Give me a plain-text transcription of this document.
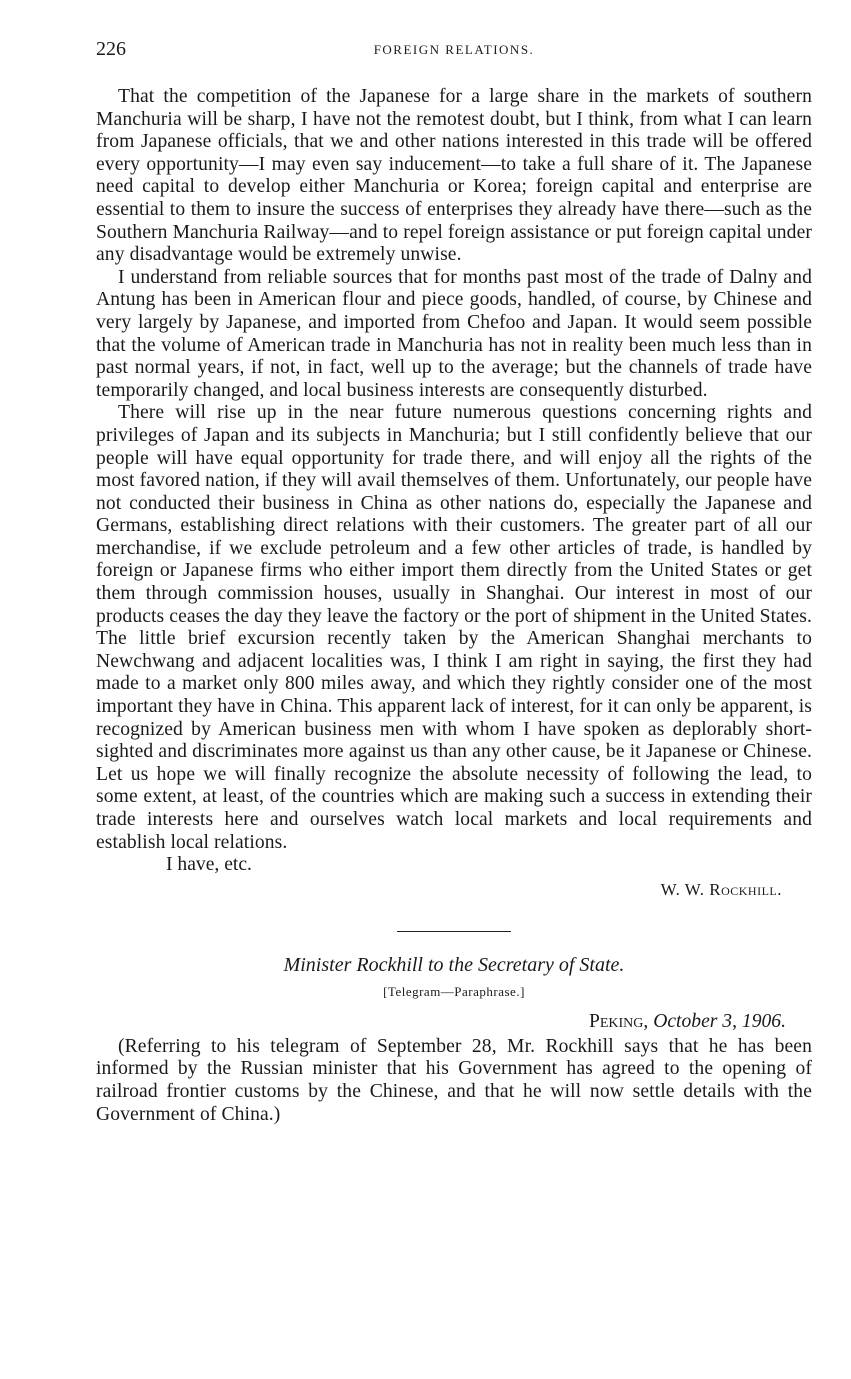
226	FOREIGN RELATIONS.

That the competition of the Japanese for a large share in the markets of southern Manchuria will be sharp, I have not the remotest doubt, but I think, from what I can learn from Japanese officials, that we and other nations interested in this trade will be offered every opportunity—I may even say inducement—to take a full share of it. The Japanese need capital to develop either Manchuria or Korea; foreign capital and enterprise are essential to them to insure the success of enterprises they already have there—such as the Southern Manchuria Railway—and to repel foreign assistance or put foreign capital under any disadvantage would be extremely unwise.

I understand from reliable sources that for months past most of the trade of Dalny and Antung has been in American flour and piece goods, handled, of course, by Chinese and very largely by Japanese, and imported from Chefoo and Japan. It would seem possible that the volume of American trade in Manchuria has not in reality been much less than in past normal years, if not, in fact, well up to the average; but the channels of trade have temporarily changed, and local business interests are consequently disturbed.

There will rise up in the near future numerous questions concerning rights and privileges of Japan and its subjects in Manchuria; but I still confidently believe that our people will have equal opportunity for trade there, and will enjoy all the rights of the most favored nation, if they will avail themselves of them. Unfortunately, our people have not conducted their business in China as other nations do, especially the Japanese and Germans, establishing direct relations with their customers. The greater part of all our merchandise, if we exclude petroleum and a few other articles of trade, is handled by foreign or Japanese firms who either import them directly from the United States or get them through commission houses, usually in Shanghai. Our interest in most of our products ceases the day they leave the factory or the port of shipment in the United States. The little brief excursion recently taken by the American Shanghai merchants to Newchwang and adjacent localities was, I think I am right in saying, the first they had made to a market only 800 miles away, and which they rightly consider one of the most important they have in China. This apparent lack of interest, for it can only be apparent, is recognized by American business men with whom I have spoken as deplorably short-sighted and discriminates more against us than any other cause, be it Japanese or Chinese. Let us hope we will finally recognize the absolute necessity of following the lead, to some extent, at least, of the countries which are making such a success in extending their trade interests here and ourselves watch local markets and local requirements and establish local relations.

I have, etc.

W. W. Rockhill.

Minister Rockhill to the Secretary of State.

[Telegram—Paraphrase.]

Peking, October 3, 1906.

(Referring to his telegram of September 28, Mr. Rockhill says that he has been informed by the Russian minister that his Government has agreed to the opening of railroad frontier customs by the Chinese, and that he will now settle details with the Government of China.)
